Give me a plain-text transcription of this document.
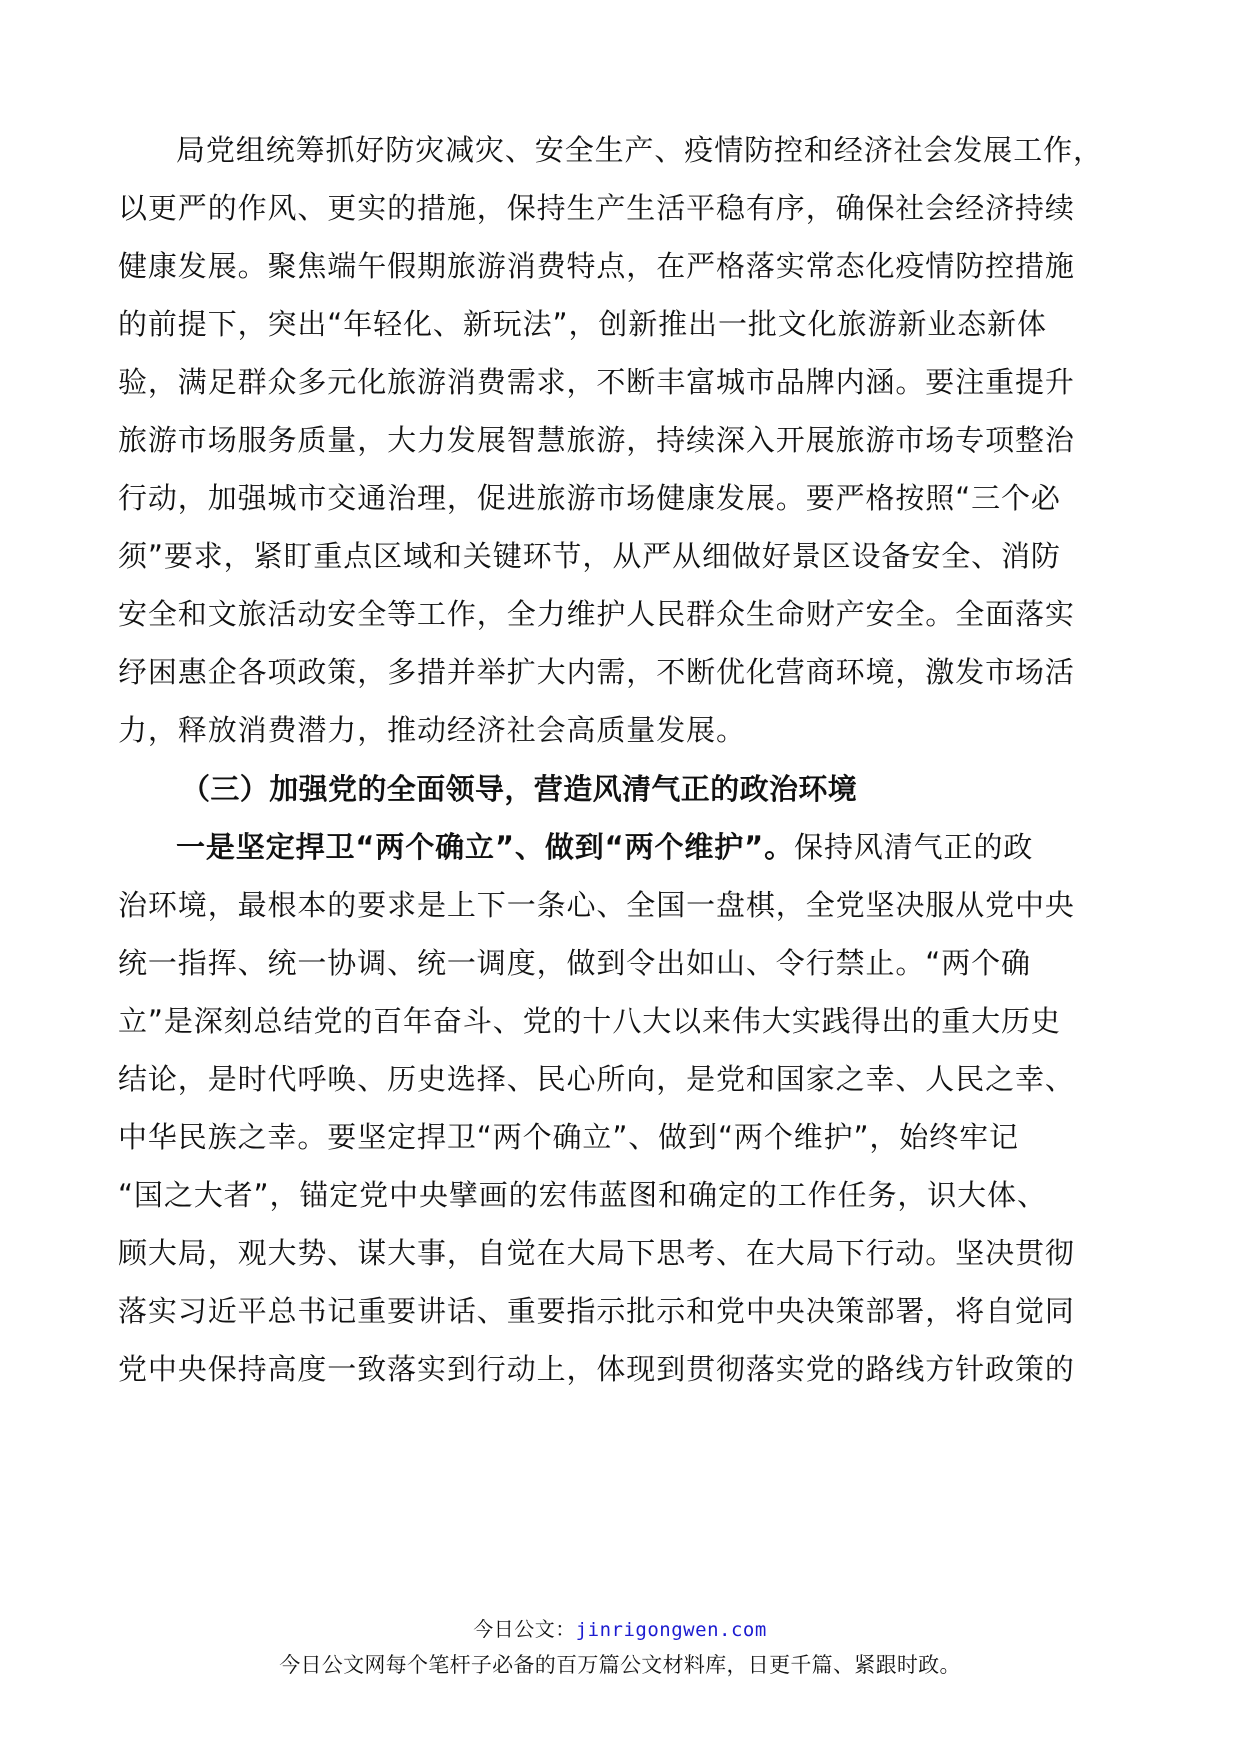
局党组统筹抓好防灾减灾、安全生产、疫情防控和经济社会发展工作，
以更严的作风、更实的措施，保持生产生活平稳有序，确保社会经济持续
健康发展。聚焦端午假期旅游消费特点，在严格落实常态化疫情防控措施
的前提下，突出“年轻化、新玩法”，创新推出一批文化旅游新业态新体
验，满足群众多元化旅游消费需求，不断丰富城市品牌内涵。要注重提升
旅游市场服务质量，大力发展智慧旅游，持续深入开展旅游市场专项整治
行动，加强城市交通治理，促进旅游市场健康发展。要严格按照“三个必
须”要求，紧盯重点区域和关键环节，从严从细做好景区设备安全、消防
安全和文旅活动安全等工作，全力维护人民群众生命财产安全。全面落实
纾困惠企各项政策，多措并举扩大内需，不断优化营商环境，激发市场活
力，释放消费潜力，推动经济社会高质量发展。
（三）加强党的全面领导，营造风清气正的政治环境
一是坚定捍卫“两个确立”、做到“两个维护”。保持风清气正的政
治环境，最根本的要求是上下一条心、全国一盘棋，全党坚决服从党中央
统一指挥、统一协调、统一调度，做到令出如山、令行禁止。“两个确
立”是深刻总结党的百年奋斗、党的十八大以来伟大实践得出的重大历史
结论，是时代呼唤、历史选择、民心所向，是党和国家之幸、人民之幸、
中华民族之幸。要坚定捍卫“两个确立”、做到“两个维护”，始终牢记
“国之大者”，锚定党中央擘画的宏伟蓝图和确定的工作任务，识大体、
顾大局，观大势、谋大事，自觉在大局下思考、在大局下行动。坚决贯彻
落实习近平总书记重要讲话、重要指示批示和党中央决策部署，将自觉同
党中央保持高度一致落实到行动上，体现到贯彻落实党的路线方针政策的
今日公文：jinrigongwen.com
今日公文网每个笔杆子必备的百万篇公文材料库，日更千篇、紧跟时政。
